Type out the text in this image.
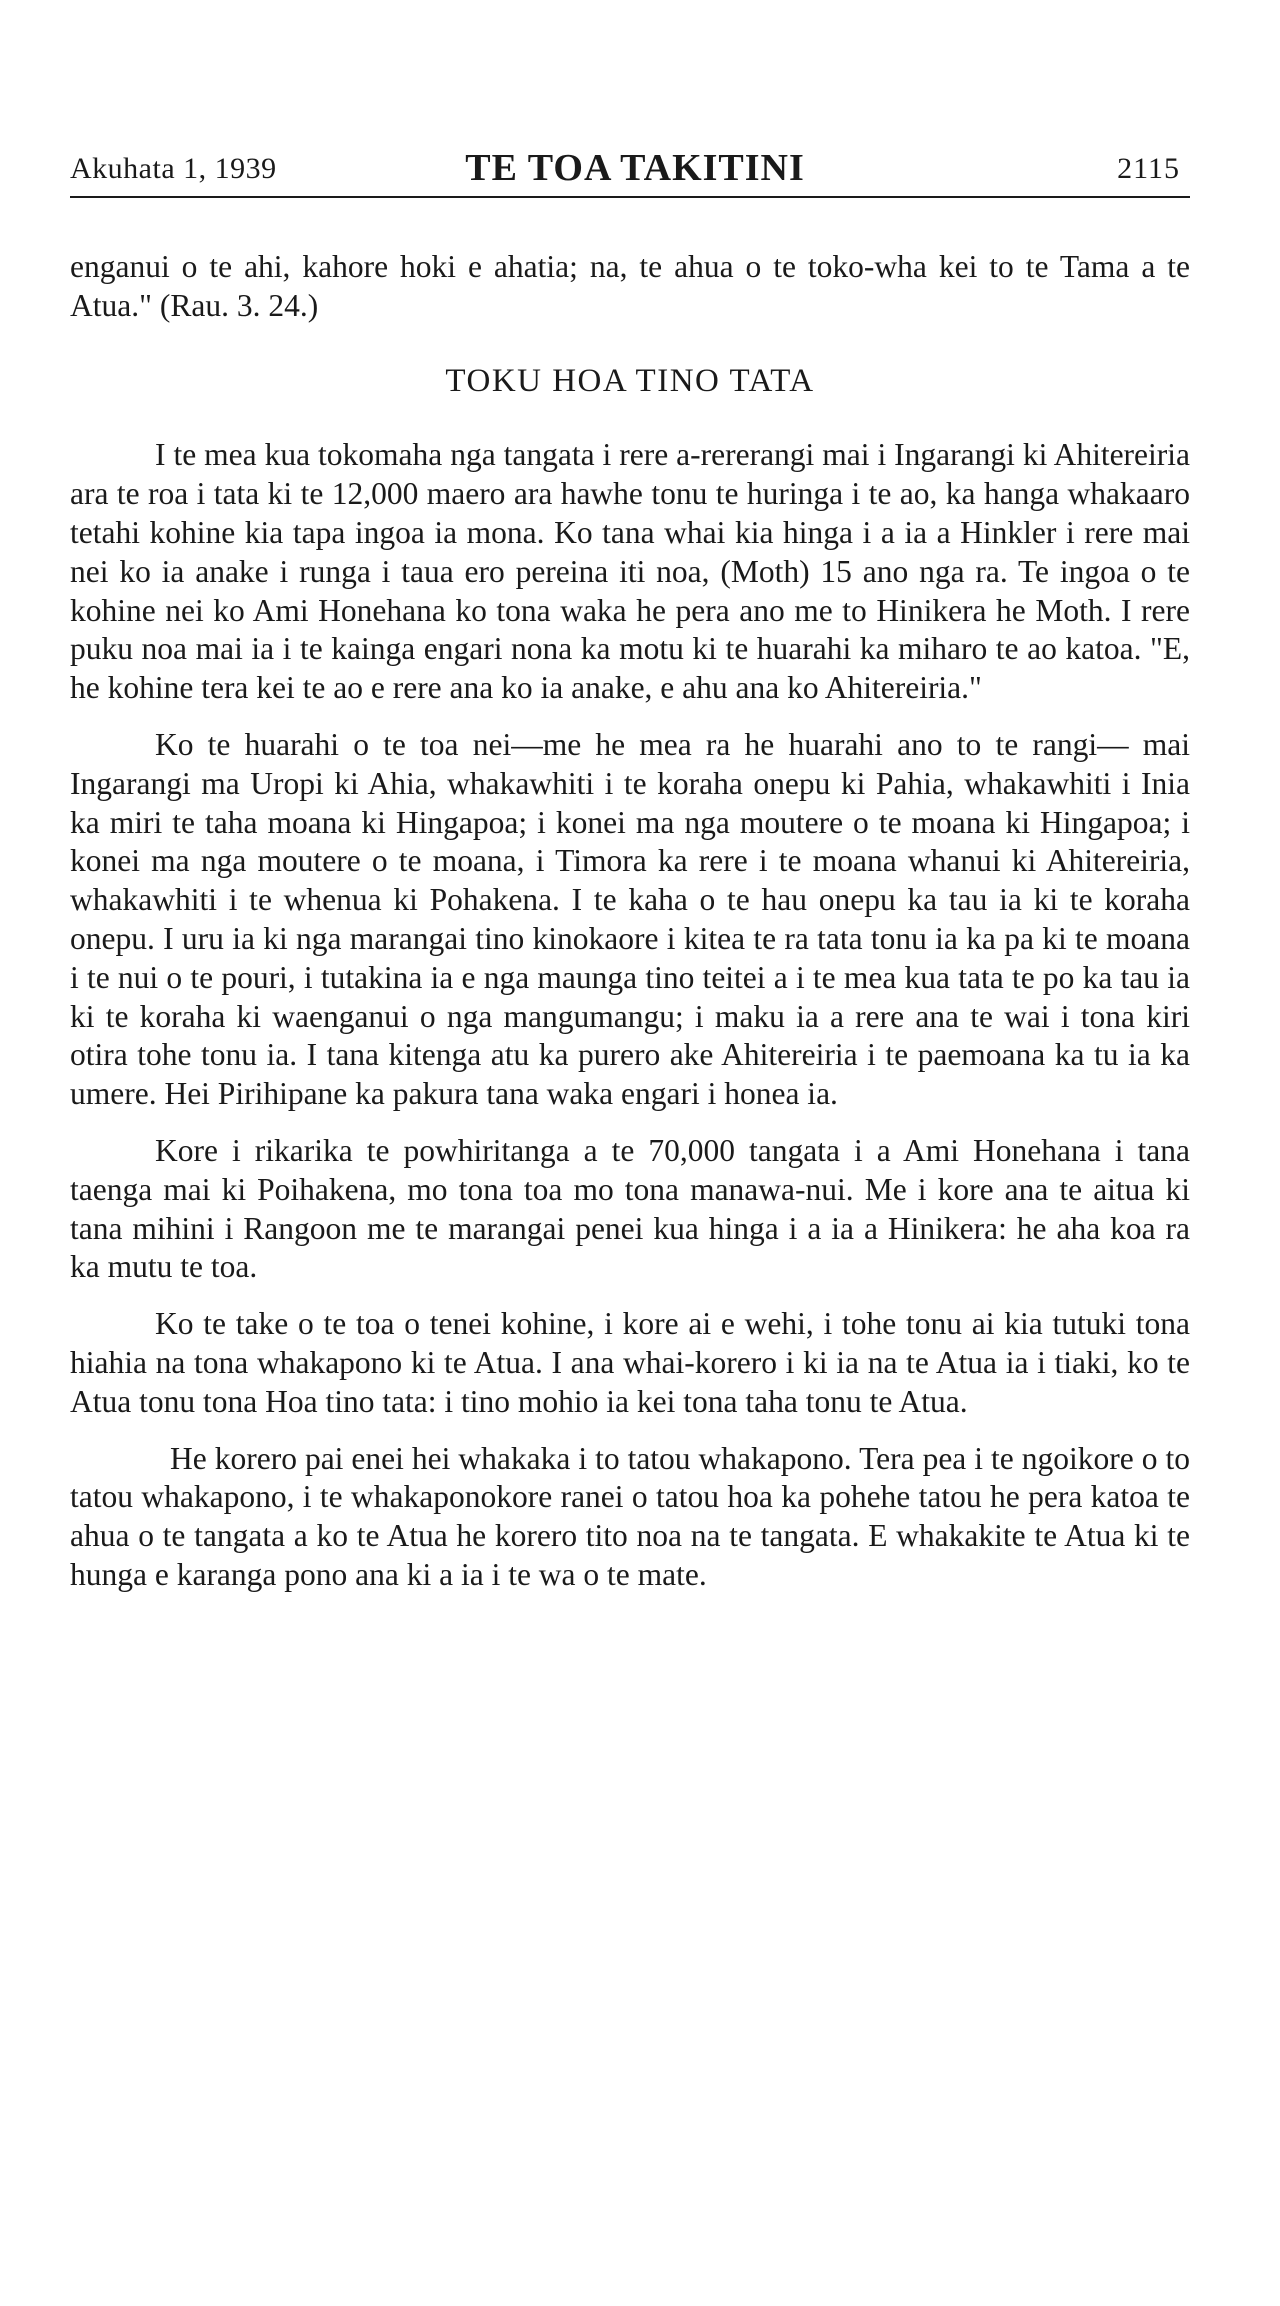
Akuhata 1, 1939	TE TOA TAKITINI	2115

enganui o te ahi, kahore hoki e ahatia; na, te ahua o te toko-wha kei to te Tama a te Atua." (Rau. 3. 24.)

TOKU HOA TINO TATA

I te mea kua tokomaha nga tangata i rere a-rererangi mai i Ingarangi ki Ahitereiria ara te roa i tata ki te 12,000 maero ara hawhe tonu te huringa i te ao, ka hanga whakaaro tetahi kohine kia tapa ingoa ia mona. Ko tana whai kia hinga i a ia a Hinkler i rere mai nei ko ia anake i runga i taua ero pereina iti noa, (Moth) 15 ano nga ra. Te ingoa o te kohine nei ko Ami Honehana ko tona waka he pera ano me to Hinikera he Moth. I rere puku noa mai ia i te kainga engari nona ka motu ki te huarahi ka miharo te ao katoa. "E, he kohine tera kei te ao e rere ana ko ia anake, e ahu ana ko Ahitereiria."

Ko te huarahi o te toa nei—me he mea ra he huarahi ano to te rangi— mai Ingarangi ma Uropi ki Ahia, whakawhiti i te koraha onepu ki Pahia, whakawhiti i Inia ka miri te taha moana ki Hingapoa; i konei ma nga moutere o te moana ki Hingapoa; i konei ma nga moutere o te moana, i Timora ka rere i te moana whanui ki Ahitereiria, whakawhiti i te whenua ki Pohakena. I te kaha o te hau onepu ka tau ia ki te koraha onepu. I uru ia ki nga marangai tino kinokaore i kitea te ra tata tonu ia ka pa ki te moana i te nui o te pouri, i tutakina ia e nga maunga tino teitei a i te mea kua tata te po ka tau ia ki te koraha ki waenganui o nga mangumangu; i maku ia a rere ana te wai i tona kiri otira tohe tonu ia. I tana kitenga atu ka purero ake Ahitereiria i te paemoana ka tu ia ka umere. Hei Pirihipane ka pakura tana waka engari i honea ia.

Kore i rikarika te powhiritanga a te 70,000 tangata i a Ami Honehana i tana taenga mai ki Poihakena, mo tona toa mo tona manawa-nui. Me i kore ana te aitua ki tana mihini i Rangoon me te marangai penei kua hinga i a ia a Hinikera: he aha koa ra ka mutu te toa.

Ko te take o te toa o tenei kohine, i kore ai e wehi, i tohe tonu ai kia tutuki tona hiahia na tona whakapono ki te Atua. I ana whai-korero i ki ia na te Atua ia i tiaki, ko te Atua tonu tona Hoa tino tata: i tino mohio ia kei tona taha tonu te Atua.

He korero pai enei hei whakaka i to tatou whakapono. Tera pea i te ngoikore o to tatou whakapono, i te whakaponokore ranei o tatou hoa ka pohehe tatou he pera katoa te ahua o te tangata a ko te Atua he korero tito noa na te tangata. E whakakite te Atua ki te hunga e karanga pono ana ki a ia i te wa o te mate.
